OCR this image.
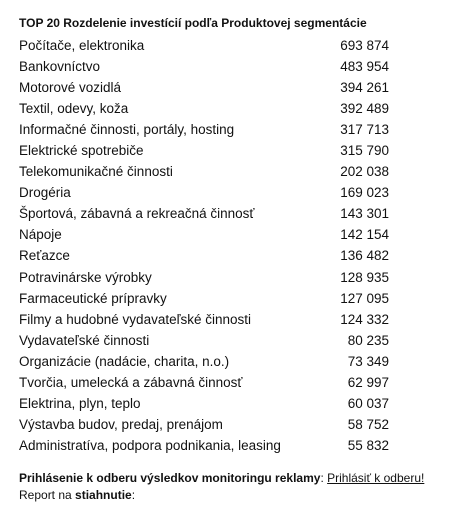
TOP 20 Rozdelenie investícií podľa Produktovej segmentácie
Počítače, elektronika	693 874
Bankovníctvo	483 954
Motorové vozidlá	394 261
Textil, odevy, koža	392 489
Informačné činnosti, portály, hosting	317 713
Elektrické spotrebiče	315 790
Telekomunikačné činnosti	202 038
Drogéria	169 023
Športová, zábavná a rekreačná činnosť	143 301
Nápoje	142 154
Reťazce	136 482
Potravinárske výrobky	128 935
Farmaceutické prípravky	127 095
Filmy a hudobné vydavateľské činnosti	124 332
Vydavateľské činnosti	80 235
Organizácie (nadácie, charita, n.o.)	73 349
Tvorčia, umelecká a zábavná činnosť	62 997
Elektrina, plyn, teplo	60 037
Výstavba budov, predaj, prenájom	58 752
Administratíva, podpora podnikania, leasing	55 832
Prihlásenie k odberu výsledkov monitoringu reklamy: Prihlásiť k odberu!
Report na stiahnutie:
